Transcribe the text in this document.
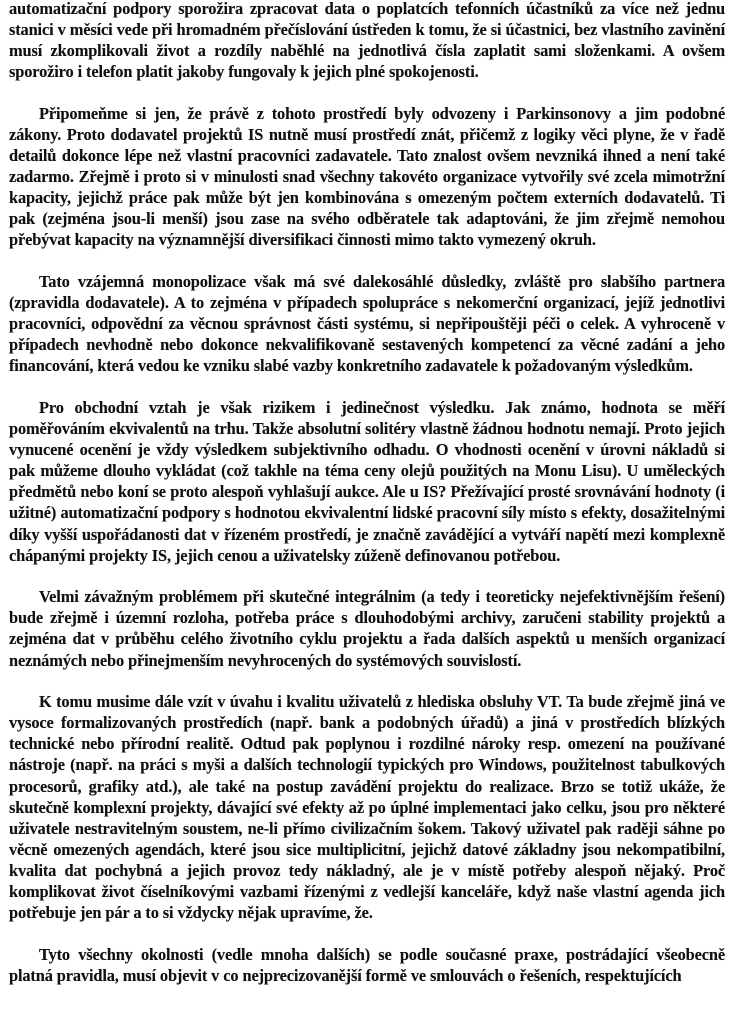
automatizační podpory sporožira zpracovat data o poplatcích tefonních účastníků za více než jednu stanici v měsíci vede při hromadném přečíslování ústředen k tomu, že si účastnici, bez vlastního zavinění musí zkomplikovali život a rozdíly naběhlé na jednotlivá čísla zaplatit sami složenkami. A ovšem sporožiro i telefon platit jakoby fungovaly k jejich plné spokojenosti.

Připomeňme si jen, že právě z tohoto prostředí byly odvozeny i Parkinsonovy a jim podobné zákony. Proto dodavatel projektů IS nutně musí prostředí znát, přičemž z logiky věci plyne, že v řadě detailů dokonce lépe než vlastní pracovníci zadavatele. Tato znalost ovšem nevzniká ihned a není také zadarmo. Zřejmě i proto si v minulosti snad všechny takovéto organizace vytvořily své zcela mimotržní kapacity, jejichž práce pak může být jen kombinována s omezeným počtem externích dodavatelů. Ti pak (zejména jsou-li menší) jsou zase na svého odběratele tak adaptováni, že jim zřejmě nemohou přebývat kapacity na významnější diversifikaci činnosti mimo takto vymezený okruh.

Tato vzájemná monopolizace však má své dalekosáhlé důsledky, zvláště pro slabšího partnera (zpravidla dodavatele). A to zejména v případech spolupráce s nekomerční organizací, jejíž jednotlivi pracovníci, odpovědní za věcnou správnost části systému, si nepřipouštěji péči o celek. A vyhroceně v případech nevhodně nebo dokonce nekvalifikovaně sestavených kompetencí za věcné zadání a jeho financování, která vedou ke vzniku slabé vazby konkretního zadavatele k požadovaným výsledkům.

Pro obchodní vztah je však rizikem i jedinečnost výsledku. Jak známo, hodnota se měří poměřováním ekvivalentů na trhu. Takže absolutní solitéry vlastně žádnou hodnotu nemají. Proto jejich vynucené ocenění je vždy výsledkem subjektivního odhadu. O vhodnosti ocenění v úrovni nákladů si pak můžeme dlouho vykládat (což takhle na téma ceny olejů použitých na Monu Lisu). U uměleckých předmětů nebo koní se proto alespoň vyhlašují aukce. Ale u IS? Přežívající prosté srovnávání hodnoty (i užitné) automatizační podpory s hodnotou ekvivalentní lidské pracovní síly místo s efekty, dosažitelnými díky vyšší uspořádanosti dat v řízeném prostředí, je značně zavádějící a vytváří napětí mezi komplexně chápanými projekty IS, jejich cenou a uživatelsky zúženě definovanou potřebou.

Velmi závažným problémem při skutečné integrálnim (a tedy i teoreticky nejefektivnějším řešení) bude zřejmě i územní rozloha, potřeba práce s dlouhodobými archivy, zaručeni stability projektů a zejména dat v průběhu celého životního cyklu projektu a řada dalších aspektů u menších organizací neznámých nebo přinejmenším nevyhrocených do systémových souvislostí.

K tomu musime dále vzít v úvahu i kvalitu uživatelů z hlediska obsluhy VT. Ta bude zřejmě jiná ve vysoce formalizovaných prostředích (např. bank a podobných úřadů) a jiná v prostředích blízkých technické nebo přírodní realitě. Odtud pak poplynou i rozdilné nároky resp. omezení na používané nástroje (např. na práci s myši a dalších technologií typických pro Windows, použitelnost tabulkových procesorů, grafiky atd.), ale také na postup zavádění projektu do realizace. Brzo se totiž ukáže, že skutečně komplexní projekty, dávající své efekty až po úplné implementaci jako celku, jsou pro některé uživatele nestravitelným soustem, ne-li přímo civilizačním šokem. Takový uživatel pak raději sáhne po věcně omezených agendách, které jsou sice multiplicitní, jejichž datové základny jsou nekompatibilní, kvalita dat pochybná a jejich provoz tedy nákladný, ale je v místě potřeby alespoň nějaký. Proč komplikovat život číselníkovými vazbami řízenými z vedlejší kanceláře, když naše vlastní agenda jich potřebuje jen pár a to si vždycky nějak upravíme, že.

Tyto všechny okolnosti (vedle mnoha dalších) se podle současné praxe, postrádající všeobecně platná pravidla, musí objevit v co nejprecizovanější formě ve smlouvách o řešeních, respektujících
